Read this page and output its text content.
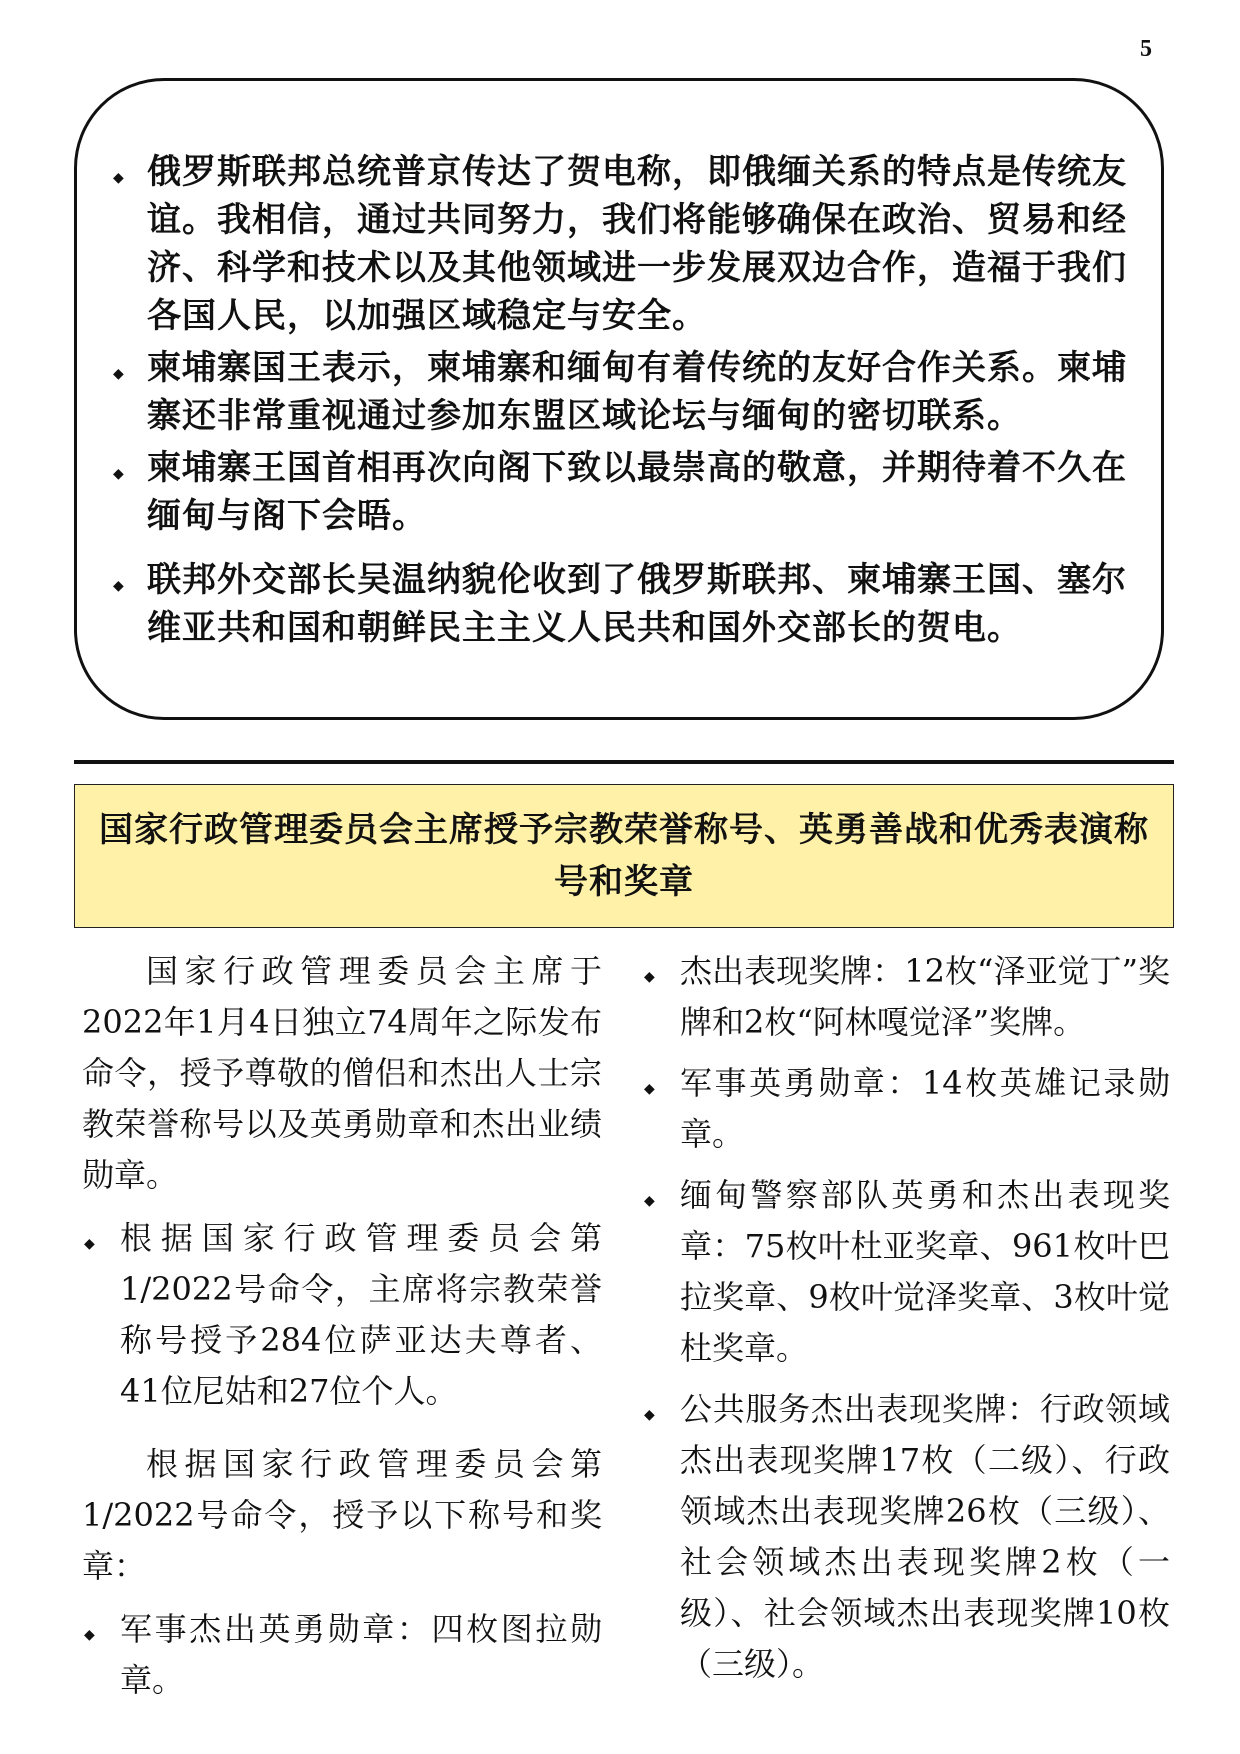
5
◆ 俄罗斯联邦总统普京传达了贺电称，即俄缅关系的特点是传统友谊。我相信，通过共同努力，我们将能够确保在政治、贸易和经济、科学和技术以及其他领域进一步发展双边合作，造福于我们各国人民，以加强区域稳定与安全。
◆ 柬埔寨国王表示，柬埔寨和缅甸有着传统的友好合作关系。柬埔寨还非常重视通过参加东盟区域论坛与缅甸的密切联系。
◆ 柬埔寨王国首相再次向阁下致以最崇高的敬意，并期待着不久在缅甸与阁下会晤。
◆ 联邦外交部长吴温纳貌伦收到了俄罗斯联邦、柬埔寨王国、塞尔维亚共和国和朝鲜民主主义人民共和国外交部长的贺电。
国家行政管理委员会主席授予宗教荣誉称号、英勇善战和优秀表演称号和奖章

国家行政管理委员会主席于2022年1月4日独立74周年之际发布命令，授予尊敬的僧侣和杰出人士宗教荣誉称号以及英勇勋章和杰出业绩勋章。

◆ 根据国家行政管理委员会第1/2022号命令，主席将宗教荣誉称号授予284位萨亚达夫尊者、41位尼姑和27位个人。

根据国家行政管理委员会第1/2022号命令，授予以下称号和奖章：

◆ 军事杰出英勇勋章：四枚图拉勋章。
◆ 杰出表现奖牌：12枚“泽亚觉丁”奖牌和2枚“阿林嘎觉泽”奖牌。
◆ 军事英勇勋章：14枚英雄记录勋章。
◆ 缅甸警察部队英勇和杰出表现奖章：75枚叶杜亚奖章、961枚叶巴拉奖章、9枚叶觉泽奖章、3枚叶觉杜奖章。
◆ 公共服务杰出表现奖牌：行政领域杰出表现奖牌17枚（二级）、行政领域杰出表现奖牌26枚（三级）、社会领域杰出表现奖牌2枚（一级）、社会领域杰出表现奖牌10枚（三级）。
